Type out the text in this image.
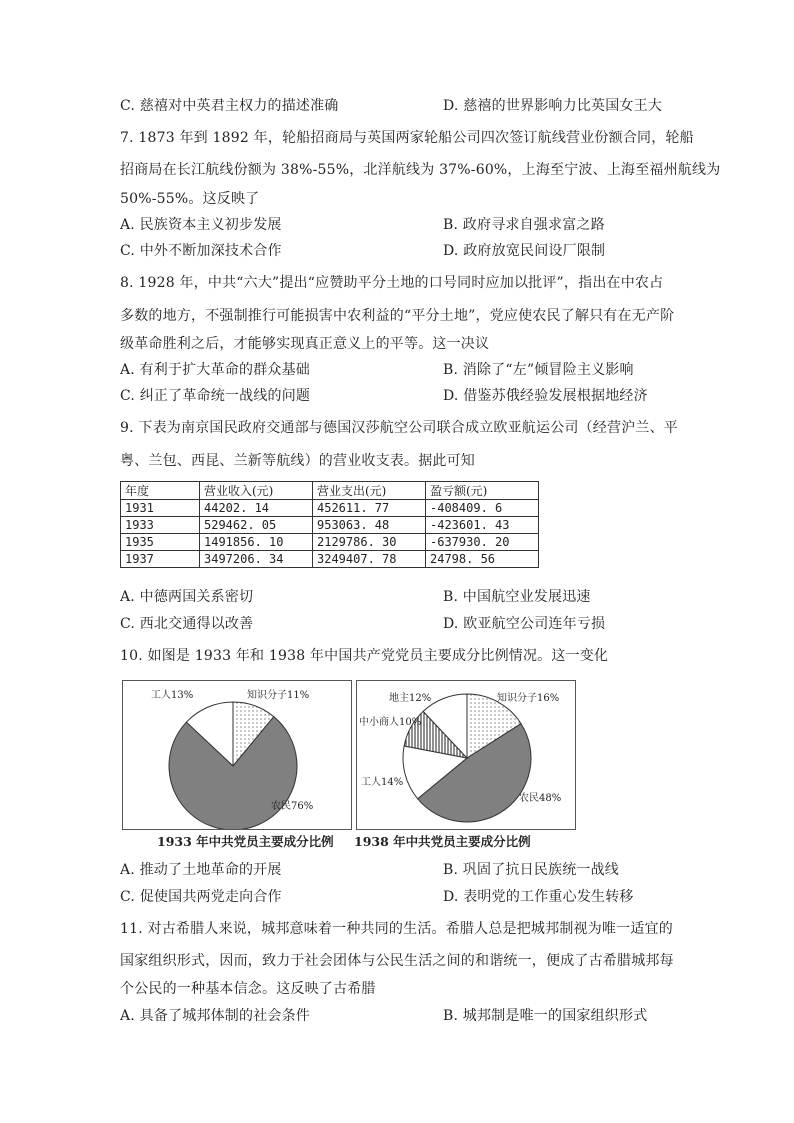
C. 慈禧对中英君主权力的描述准确	D. 慈禧的世界影响力比英国女王大
7. 1873 年到 1892 年，轮船招商局与英国两家轮船公司四次签订航线营业份额合同，轮船
招商局在长江航线份额为 38%-55%，北洋航线为 37%-60%，上海至宁波、上海至福州航线为
50%-55%。这反映了
A. 民族资本主义初步发展	B. 政府寻求自强求富之路
C. 中外不断加深技术合作	D. 政府放宽民间设厂限制
8. 1928 年，中共“六大”提出“应赞助平分土地的口号同时应加以批评”，指出在中农占
多数的地方，不强制推行可能损害中农利益的“平分土地”，党应使农民了解只有在无产阶
级革命胜利之后，才能够实现真正意义上的平等。这一决议
A. 有利于扩大革命的群众基础	B. 消除了“左”倾冒险主义影响
C. 纠正了革命统一战线的问题	D. 借鉴苏俄经验发展根据地经济
9. 下表为南京国民政府交通部与德国汉莎航空公司联合成立欧亚航运公司（经营沪兰、平
粤、兰包、西昆、兰新等航线）的营业收支表。据此可知
年度	营业收入(元)	营业支出(元)	盈亏额(元)
1931	44202. 14	452611. 77	-408409. 6
1933	529462. 05	953063. 48	-423601. 43
1935	1491856. 10	2129786. 30	-637930. 20
1937	3497206. 34	3249407. 78	24798. 56
A. 中德两国关系密切	B. 中国航空业发展迅速
C. 西北交通得以改善	D. 欧亚航空公司连年亏损
10. 如图是 1933 年和 1938 年中国共产党党员主要成分比例情况。这一变化
工人13%	知识分子11%
农民76%
1933 年中共党员主要成分比例
知识分子16%
农民48%
工人14%
中小商人10%
地主12%
1938 年中共党员主要成分比例
A. 推动了土地革命的开展	B. 巩固了抗日民族统一战线
C. 促使国共两党走向合作	D. 表明党的工作重心发生转移
11. 对古希腊人来说，城邦意味着一种共同的生活。希腊人总是把城邦制视为唯一适宜的
国家组织形式，因而，致力于社会团体与公民生活之间的和谐统一，便成了古希腊城邦每
个公民的一种基本信念。这反映了古希腊
A. 具备了城邦体制的社会条件	B. 城邦制是唯一的国家组织形式
